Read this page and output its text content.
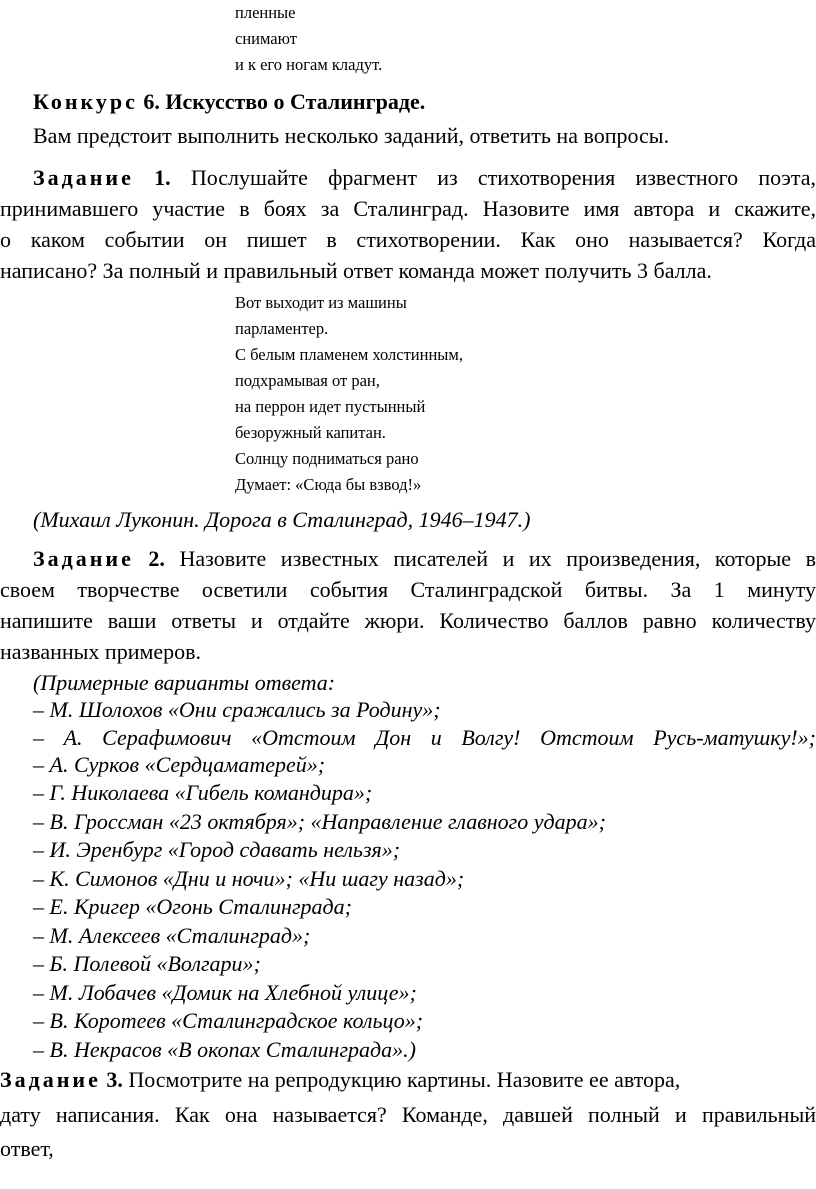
пленные
снимают
и к его ногам кладут.
Конкурс 6. Искусство о Сталинграде.
Вам предстоит выполнить несколько заданий, ответить на вопросы.
Задание 1. Послушайте фрагмент из стихотворения известного поэта,
принимавшего участие в боях за Сталинград. Назовите имя автора и скажите,
о каком событии он пишет в стихотворении. Как оно называется? Когда
написано? За полный и правильный ответ команда может получить 3 балла.
Вот выходит из машины
парламентер.
С белым пламенем холстинным,
подхрамывая от ран,
на перрон идет пустынный
безоружный капитан.
Солнцу подниматься рано
Думает: «Сюда бы взвод!»
(Михаил Луконин. Дорога в Сталинград, 1946–1947.)
Задание 2. Назовите известных писателей и их произведения, которые в
своем творчестве осветили события Сталинградской битвы. За 1 минуту
напишите ваши ответы и отдайте жюри. Количество баллов равно количеству
названных примеров.
(Примерные варианты ответа:
– М. Шолохов «Они сражались за Родину»;
– А. Серафимович «Отстоим Дон и Волгу! Отстоим Русь-матушку!»;
– А. Сурков «Сердцаматерей»;
– Г. Николаева «Гибель командира»;
– В. Гроссман «23 октября»; «Направление главного удара»;
– И. Эренбург «Город сдавать нельзя»;
– К. Симонов «Дни и ночи»; «Ни шагу назад»;
– Е. Кригер «Огонь Сталинграда;
– М. Алексеев «Сталинград»;
– Б. Полевой «Волгари»;
– М. Лобачев «Домик на Хлебной улице»;
– В. Коротеев «Сталинградское кольцо»;
– В. Некрасов «В окопах Сталинграда».)
Задание 3. Посмотрите на репродукцию картины. Назовите ее автора,
дату написания. Как она называется? Команде, давшей полный и правильный
ответ,
